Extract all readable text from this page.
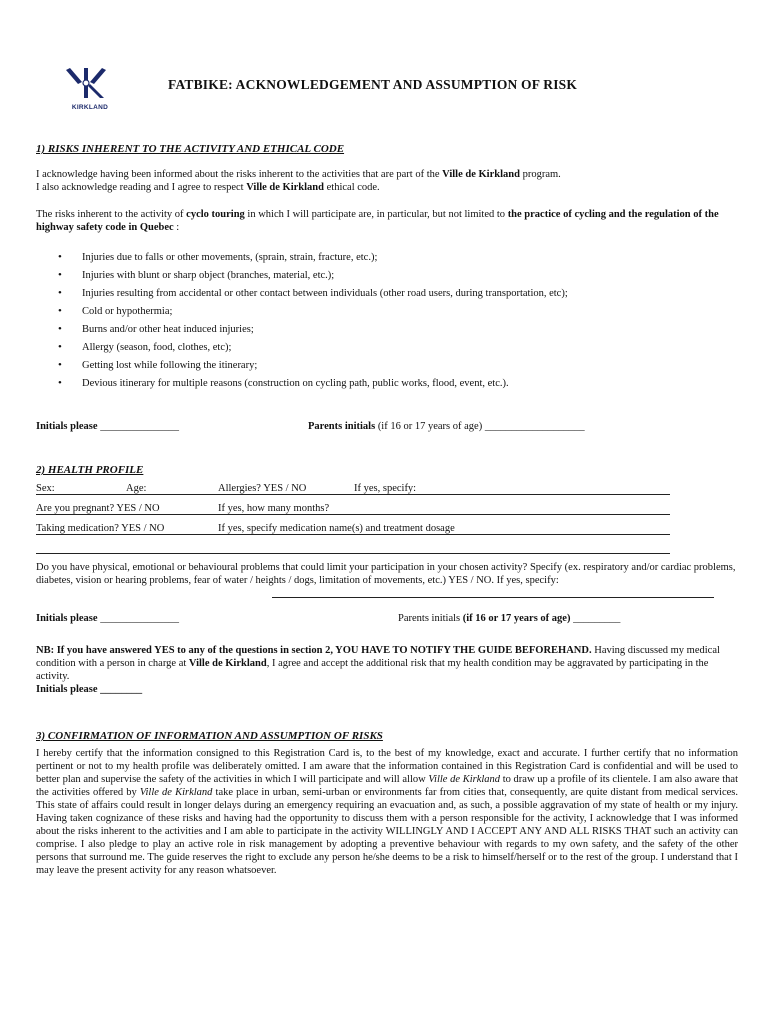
KIRKLAND
FATBIKE: ACKNOWLEDGEMENT AND ASSUMPTION OF RISK
1) RISKS INHERENT TO THE ACTIVITY AND ETHICAL CODE

I acknowledge having been informed about the risks inherent to the activities that are part of the Ville de Kirkland program.

I also acknowledge reading and I agree to respect Ville de Kirkland ethical code.

The risks inherent to the activity of cyclo touring in which I will participate are, in particular, but not limited to the practice of cycling and the regulation of the highway safety code in Quebec :

• Injuries due to falls or other movements, (sprain, strain, fracture, etc.);
• Injuries with blunt or sharp object (branches, material, etc.);
• Injuries resulting from accidental or other contact between individuals (other road users, during transportation, etc);
• Cold or hypothermia;
• Burns and/or other heat induced injuries;
• Allergy (season, food, clothes, etc);
• Getting lost while following the itinerary;
• Devious itinerary for multiple reasons (construction on cycling path, public works, flood, event, etc.).
Initials please _______________	Parents initials (if 16 or 17 years of age) ___________________
2) HEALTH PROFILE
Sex:	Age:	Allergies? YES / NO	If yes, specify:
Are you pregnant? YES / NO	If yes, how many months?
Taking medication? YES / NO	If yes, specify medication name(s) and treatment dosage
Do you have physical, emotional or behavioural problems that could limit your participation in your chosen activity? Specify (ex. respiratory and/or cardiac problems, diabetes, vision or hearing problems, fear of water / heights / dogs, limitation of movements, etc.) YES / NO. If yes, specify:
Initials please _______________	Parents initials (if 16 or 17 years of age) _________

NB: If you have answered YES to any of the questions in section 2, YOU HAVE TO NOTIFY THE GUIDE BEFOREHAND. Having discussed my medical condition with a person in charge at Ville de Kirkland, I agree and accept the additional risk that my health condition may be aggravated by participating in the activity.

Initials please ________
3) CONFIRMATION OF INFORMATION AND ASSUMPTION OF RISKS

I hereby certify that the information consigned to this Registration Card is, to the best of my knowledge, exact and accurate. I further certify that no information pertinent or not to my health profile was deliberately omitted. I am aware that the information contained in this Registration Card is confidential and will be used to better plan and supervise the safety of the activities in which I will participate and will allow Ville de Kirkland to draw up a profile of its clientele. I am also aware that the activities offered by Ville de Kirkland take place in urban, semi-urban or environments far from cities that, consequently, are quite distant from medical services. This state of affairs could result in longer delays during an emergency requiring an evacuation and, as such, a possible aggravation of my state of health or my injury. Having taken cognizance of these risks and having had the opportunity to discuss them with a person responsible for the activity, I acknowledge that I was informed about the risks inherent to the activities and I am able to participate in the activity WILLINGLY AND I ACCEPT ANY AND ALL RISKS THAT such an activity can comprise. I also pledge to play an active role in risk management by adopting a preventive behaviour with regards to my own safety, and the safety of the other persons that surround me. The guide reserves the right to exclude any person he/she deems to be a risk to himself/herself or to the rest of the group. I understand that I may leave the present activity for any reason whatsoever.
